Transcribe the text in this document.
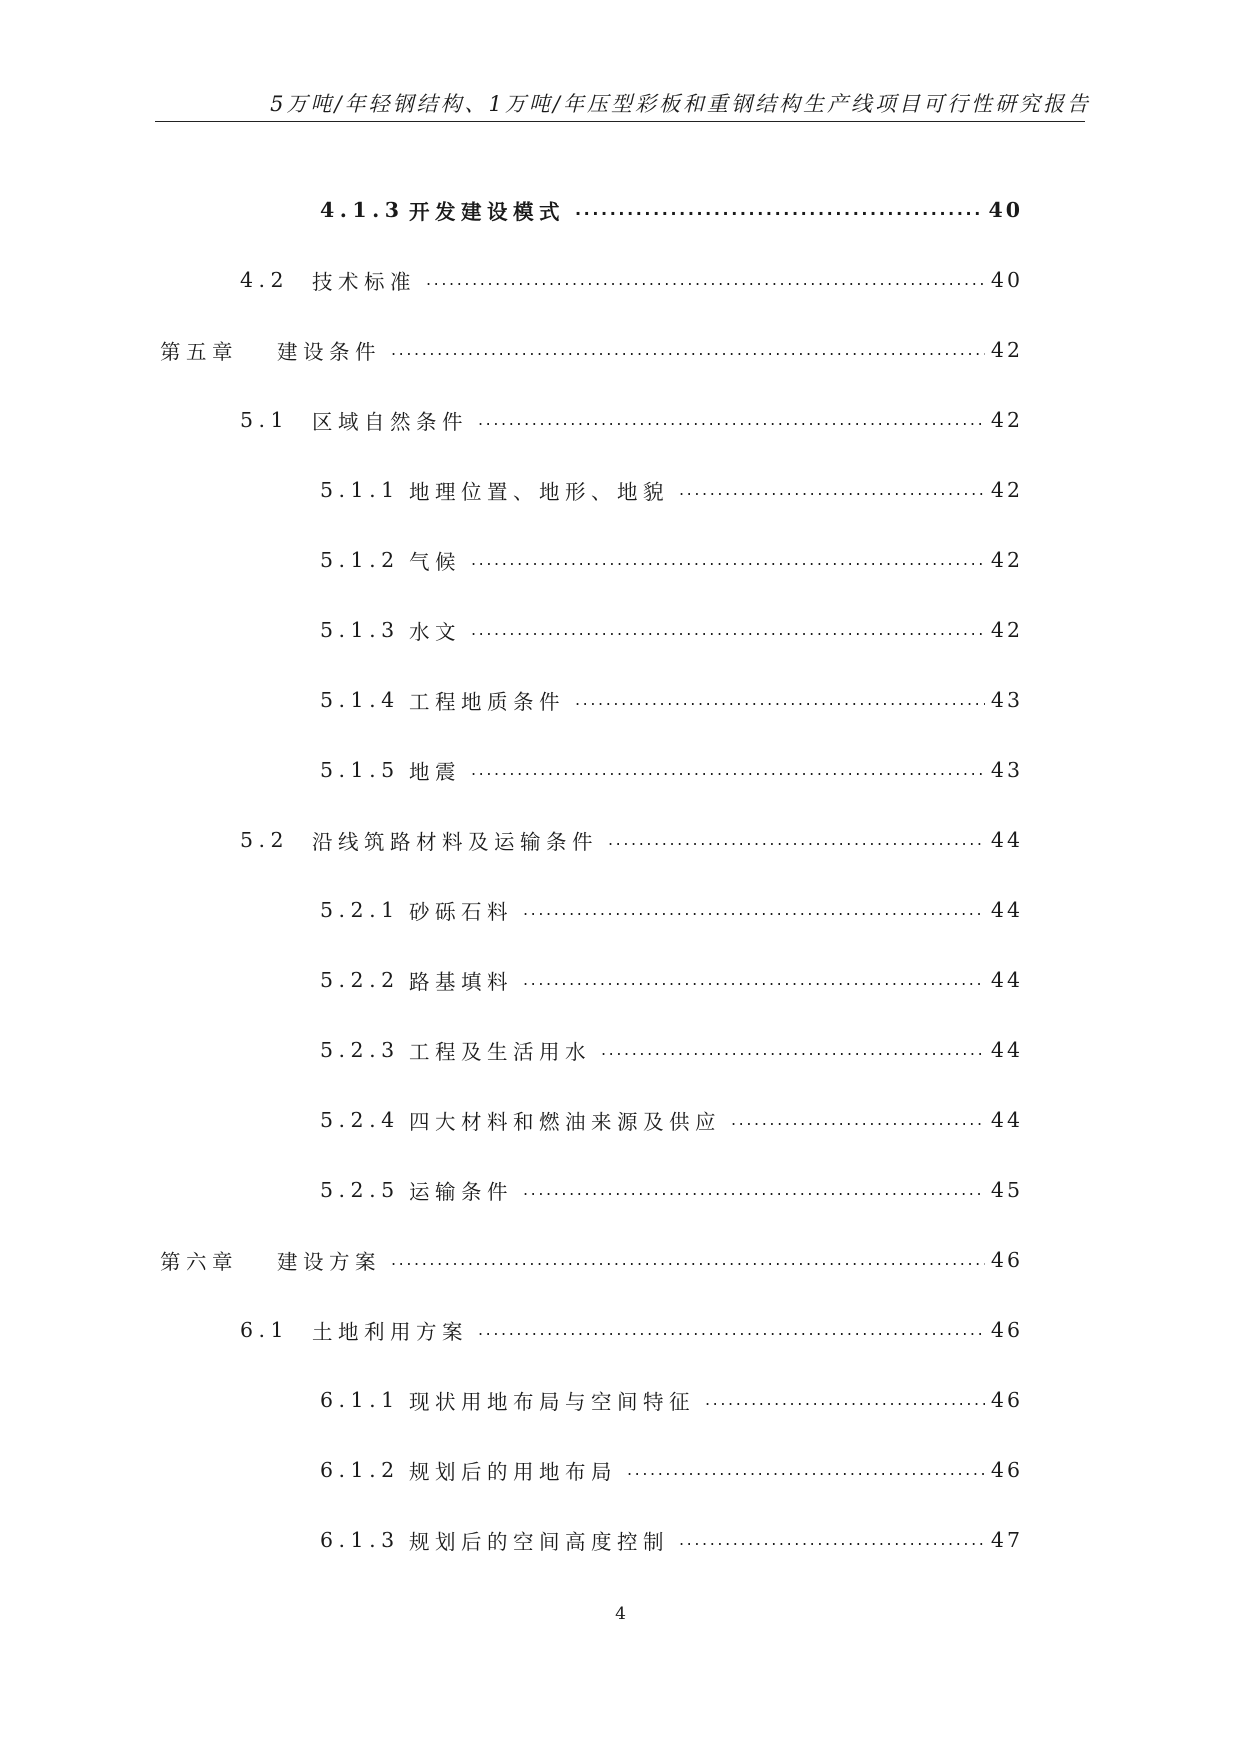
5万吨/年轻钢结构、1万吨/年压型彩板和重钢结构生产线项目可行性研究报告
4.1.3 开发建设模式 .....	40
4.2	技术标准 .....	40
第五章	建设条件 .....	42
5.1	区域自然条件 .....	42
5.1.1 地理位置、地形、地貌 .....	42
5.1.2 气候 .....	42
5.1.3 水文 .....	42
5.1.4 工程地质条件 .....	43
5.1.5 地震 .....	43
5.2	沿线筑路材料及运输条件 .....	44
5.2.1 砂砾石料 .....	44
5.2.2 路基填料 .....	44
5.2.3 工程及生活用水 .....	44
5.2.4 四大材料和燃油来源及供应 .....	44
5.2.5 运输条件 .....	45
第六章	建设方案 .....	46
6.1	土地利用方案 .....	46
6.1.1 现状用地布局与空间特征 .....	46
6.1.2 规划后的用地布局 .....	46
6.1.3 规划后的空间高度控制 .....	47
4
